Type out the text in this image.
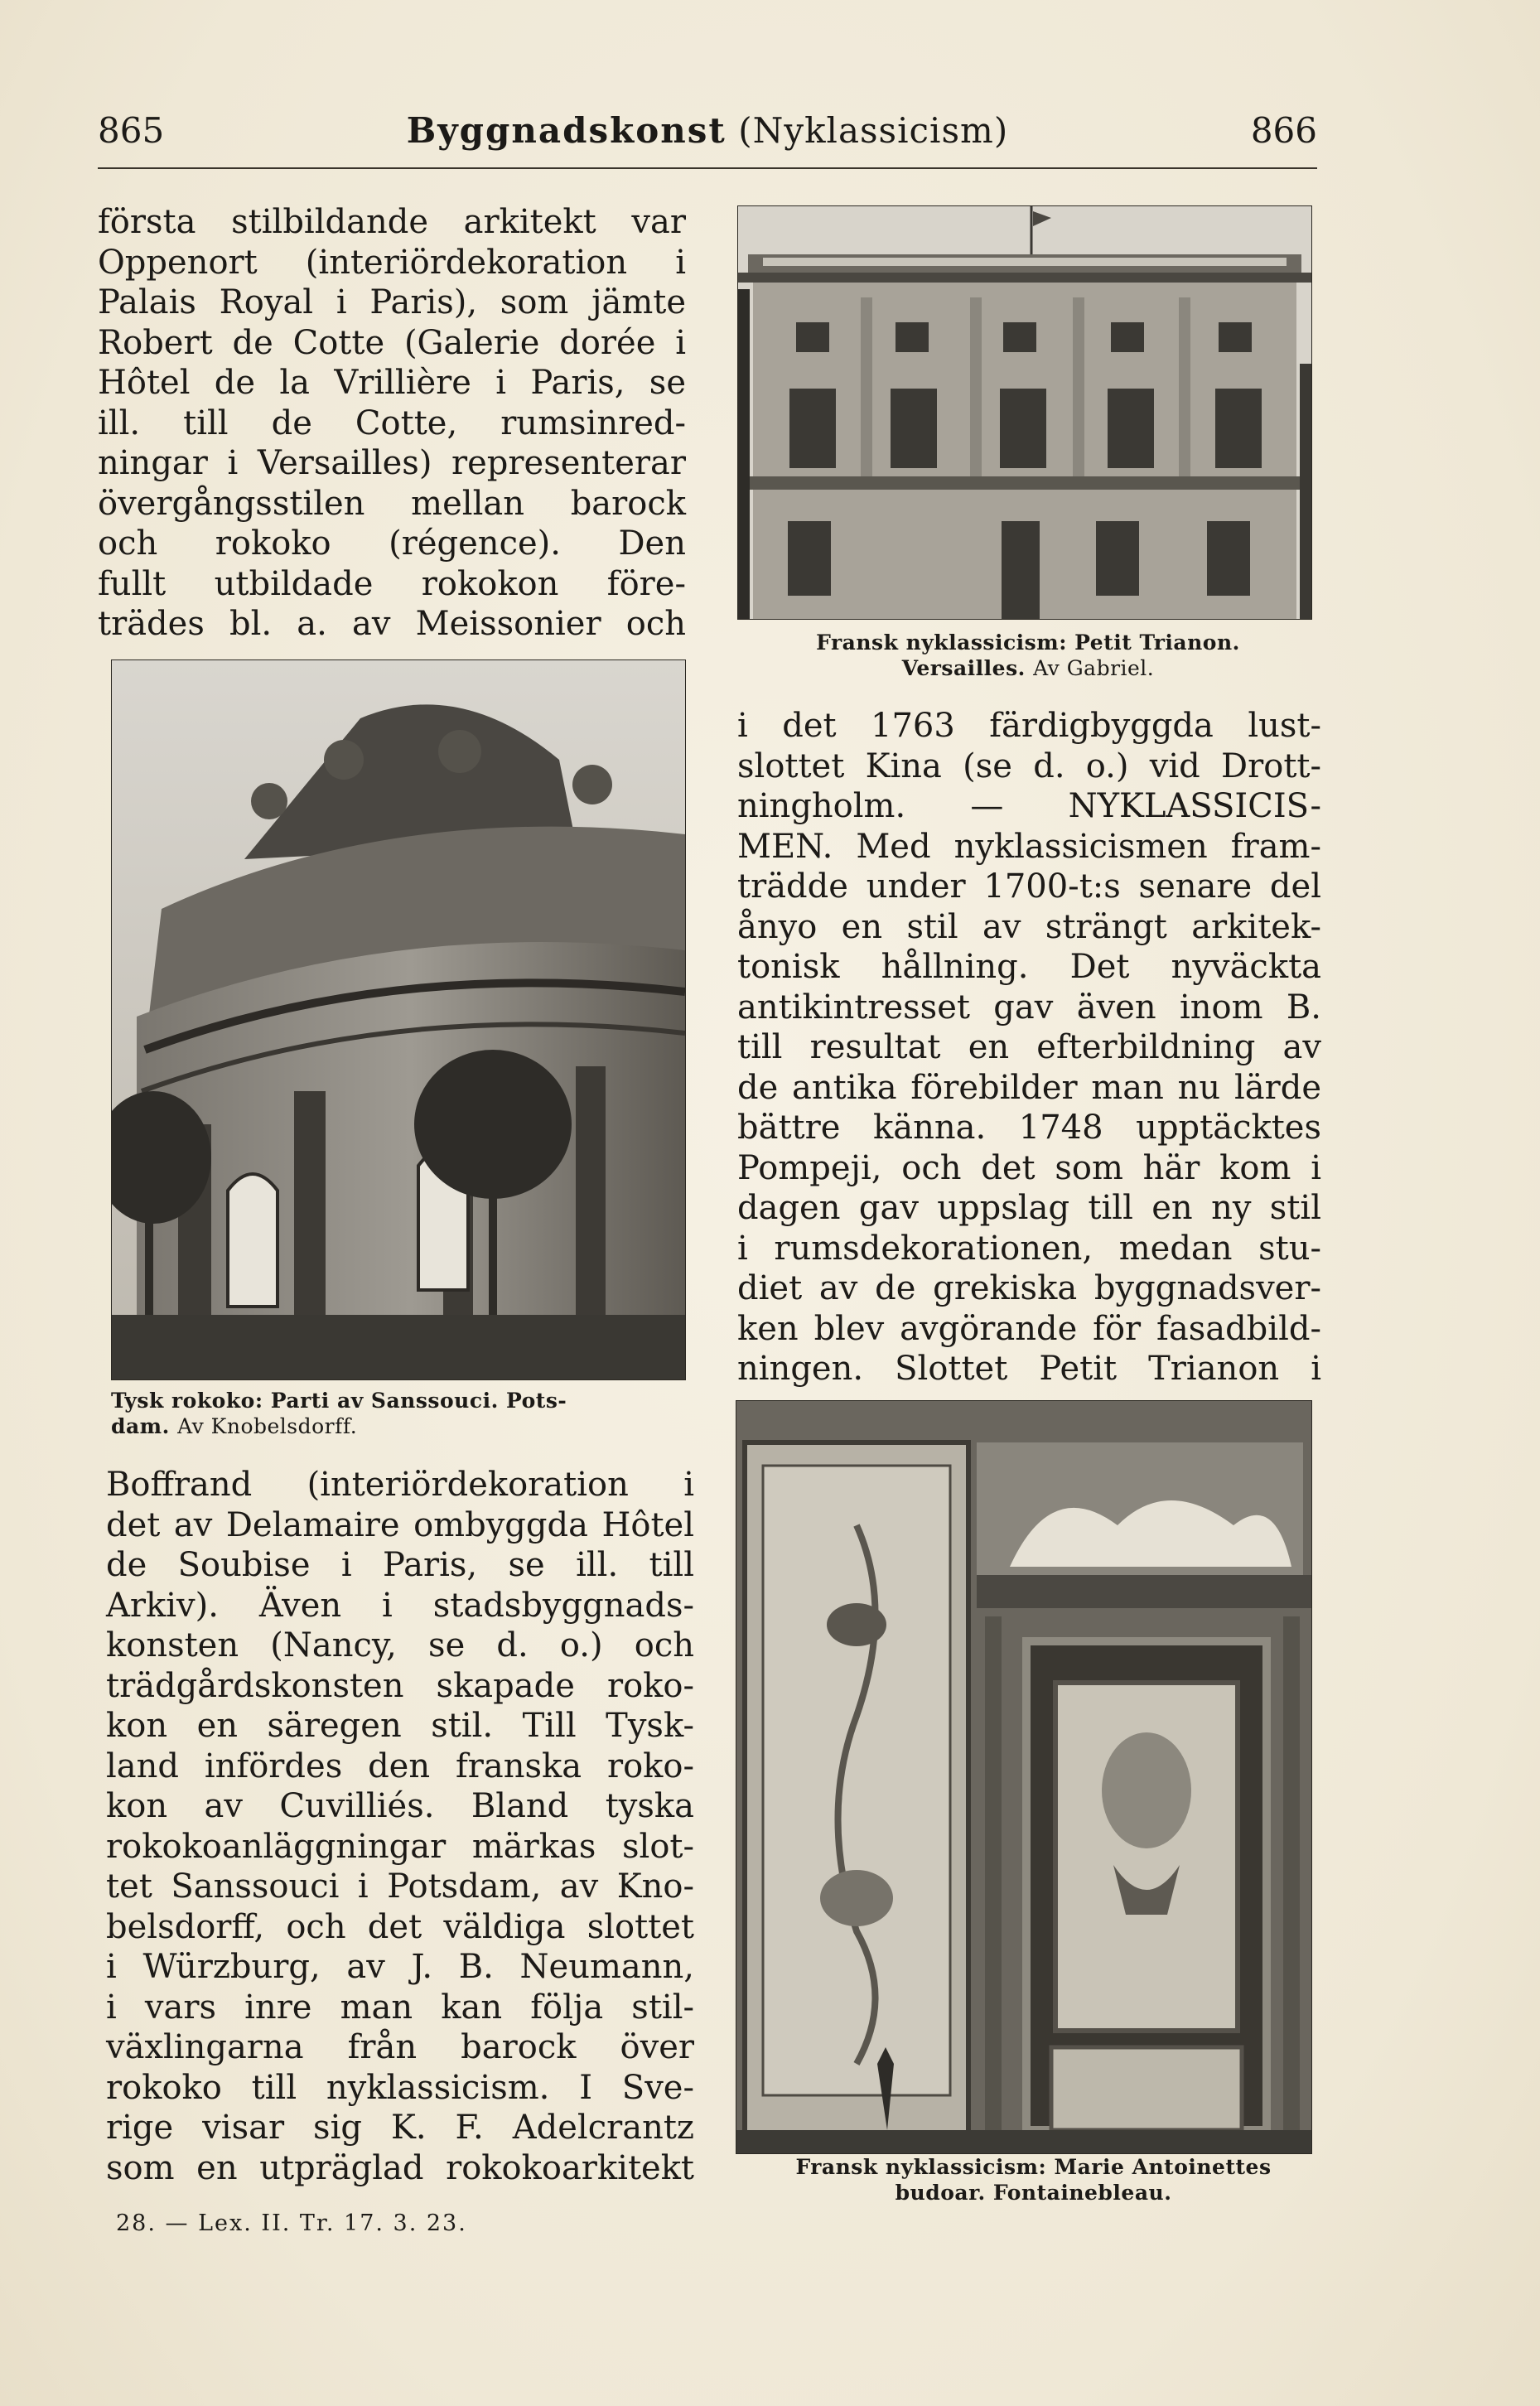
865	Byggnadskonst (Nyklassicism)	866
första stilbildande arkitekt var
Oppenort (interiördekoration i
Palais Royal i Paris), som jämte
Robert de Cotte (Galerie dorée i
Hôtel de la Vrillière i Paris, se
ill. till de Cotte, rumsinred-
ningar i Versailles) representerar
övergångsstilen mellan barock
och rokoko (régence). Den
fullt utbildade rokokon före-
trädes bl. a. av Meissonier och
Tysk rokoko: Parti av Sanssouci. Pots-
dam. Av Knobelsdorff.
Boffrand (interiördekoration i
det av Delamaire ombyggda Hôtel
de Soubise i Paris, se ill. till
Arkiv). Även i stadsbyggnads-
konsten (Nancy, se d. o.) och
trädgårdskonsten skapade roko-
kon en säregen stil. Till Tysk-
land infördes den franska roko-
kon av Cuvilliés. Bland tyska
rokokoanläggningar märkas slot-
tet Sanssouci i Potsdam, av Kno-
belsdorff, och det väldiga slottet
i Würzburg, av J. B. Neumann,
i vars inre man kan följa stil-
växlingarna från barock över
rokoko till nyklassicism. I Sve-
rige visar sig K. F. Adelcrantz
som en utpräglad rokokoarkitekt
Fransk nyklassicism: Petit Trianon.
Versailles. Av Gabriel.
i det 1763 färdigbyggda lust-
slottet Kina (se d. o.) vid Drott-
ningholm. — NYKLASSICIS-
MEN. Med nyklassicismen fram-
trädde under 1700-t:s senare del
ånyo en stil av strängt arkitek-
tonisk hållning. Det nyväckta
antikintresset gav även inom B.
till resultat en efterbildning av
de antika förebilder man nu lärde
bättre känna. 1748 upptäcktes
Pompeji, och det som här kom i
dagen gav uppslag till en ny stil
i rumsdekorationen, medan stu-
diet av de grekiska byggnadsver-
ken blev avgörande för fasadbild-
ningen. Slottet Petit Trianon i
Fransk nyklassicism: Marie Antoinettes
budoar. Fontainebleau.
28. — Lex. II. Tr. 17. 3. 23.
